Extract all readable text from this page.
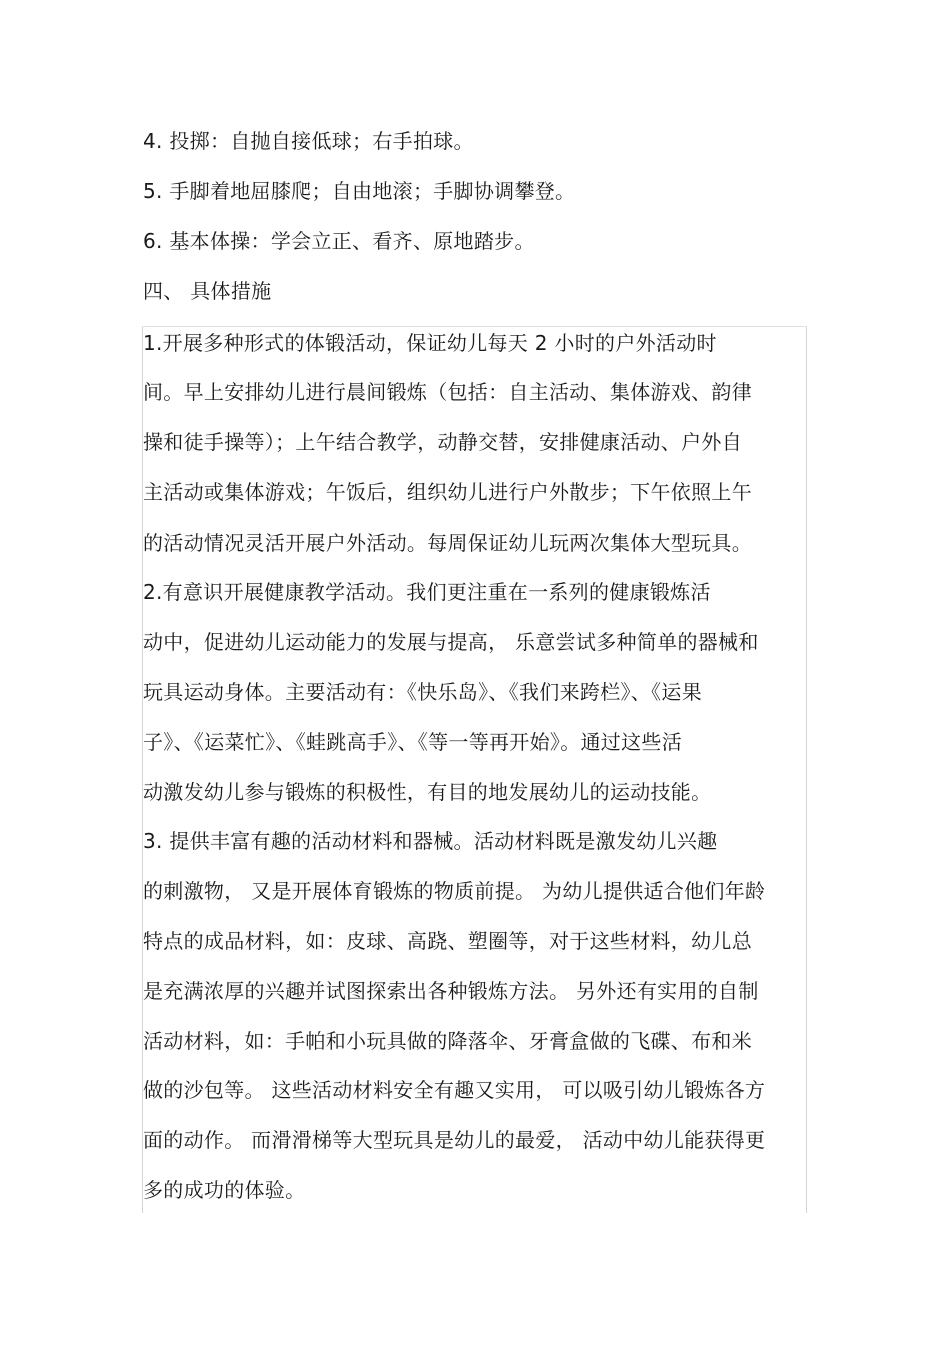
4. 投掷：自抛自接低球；右手拍球。
5. 手脚着地屈膝爬；自由地滚；手脚协调攀登。
6. 基本体操：学会立正、看齐、原地踏步。
四、 具体措施
1.开展多种形式的体锻活动，保证幼儿每天 2 小时的户外活动时
间。早上安排幼儿进行晨间锻炼（包括：自主活动、集体游戏、韵律
操和徒手操等）；上午结合教学，动静交替，安排健康活动、户外自
主活动或集体游戏；午饭后，组织幼儿进行户外散步；下午依照上午
的活动情况灵活开展户外活动。每周保证幼儿玩两次集体大型玩具。
2.有意识开展健康教学活动。我们更注重在一系列的健康锻炼活
动中，促进幼儿运动能力的发展与提高， 乐意尝试多种简单的器械和
玩具运动身体。主要活动有：《快乐岛》、《我们来跨栏》、《运果
子》、《运菜忙》、《蛙跳高手》、《等一等再开始》。通过这些活
动激发幼儿参与锻炼的积极性，有目的地发展幼儿的运动技能。
3. 提供丰富有趣的活动材料和器械。活动材料既是激发幼儿兴趣
的刺激物， 又是开展体育锻炼的物质前提。 为幼儿提供适合他们年龄
特点的成品材料，如：皮球、高跷、塑圈等，对于这些材料，幼儿总
是充满浓厚的兴趣并试图探索出各种锻炼方法。 另外还有实用的自制
活动材料，如：手帕和小玩具做的降落伞、牙膏盒做的飞碟、布和米
做的沙包等。 这些活动材料安全有趣又实用， 可以吸引幼儿锻炼各方
面的动作。 而滑滑梯等大型玩具是幼儿的最爱， 活动中幼儿能获得更
多的成功的体验。
